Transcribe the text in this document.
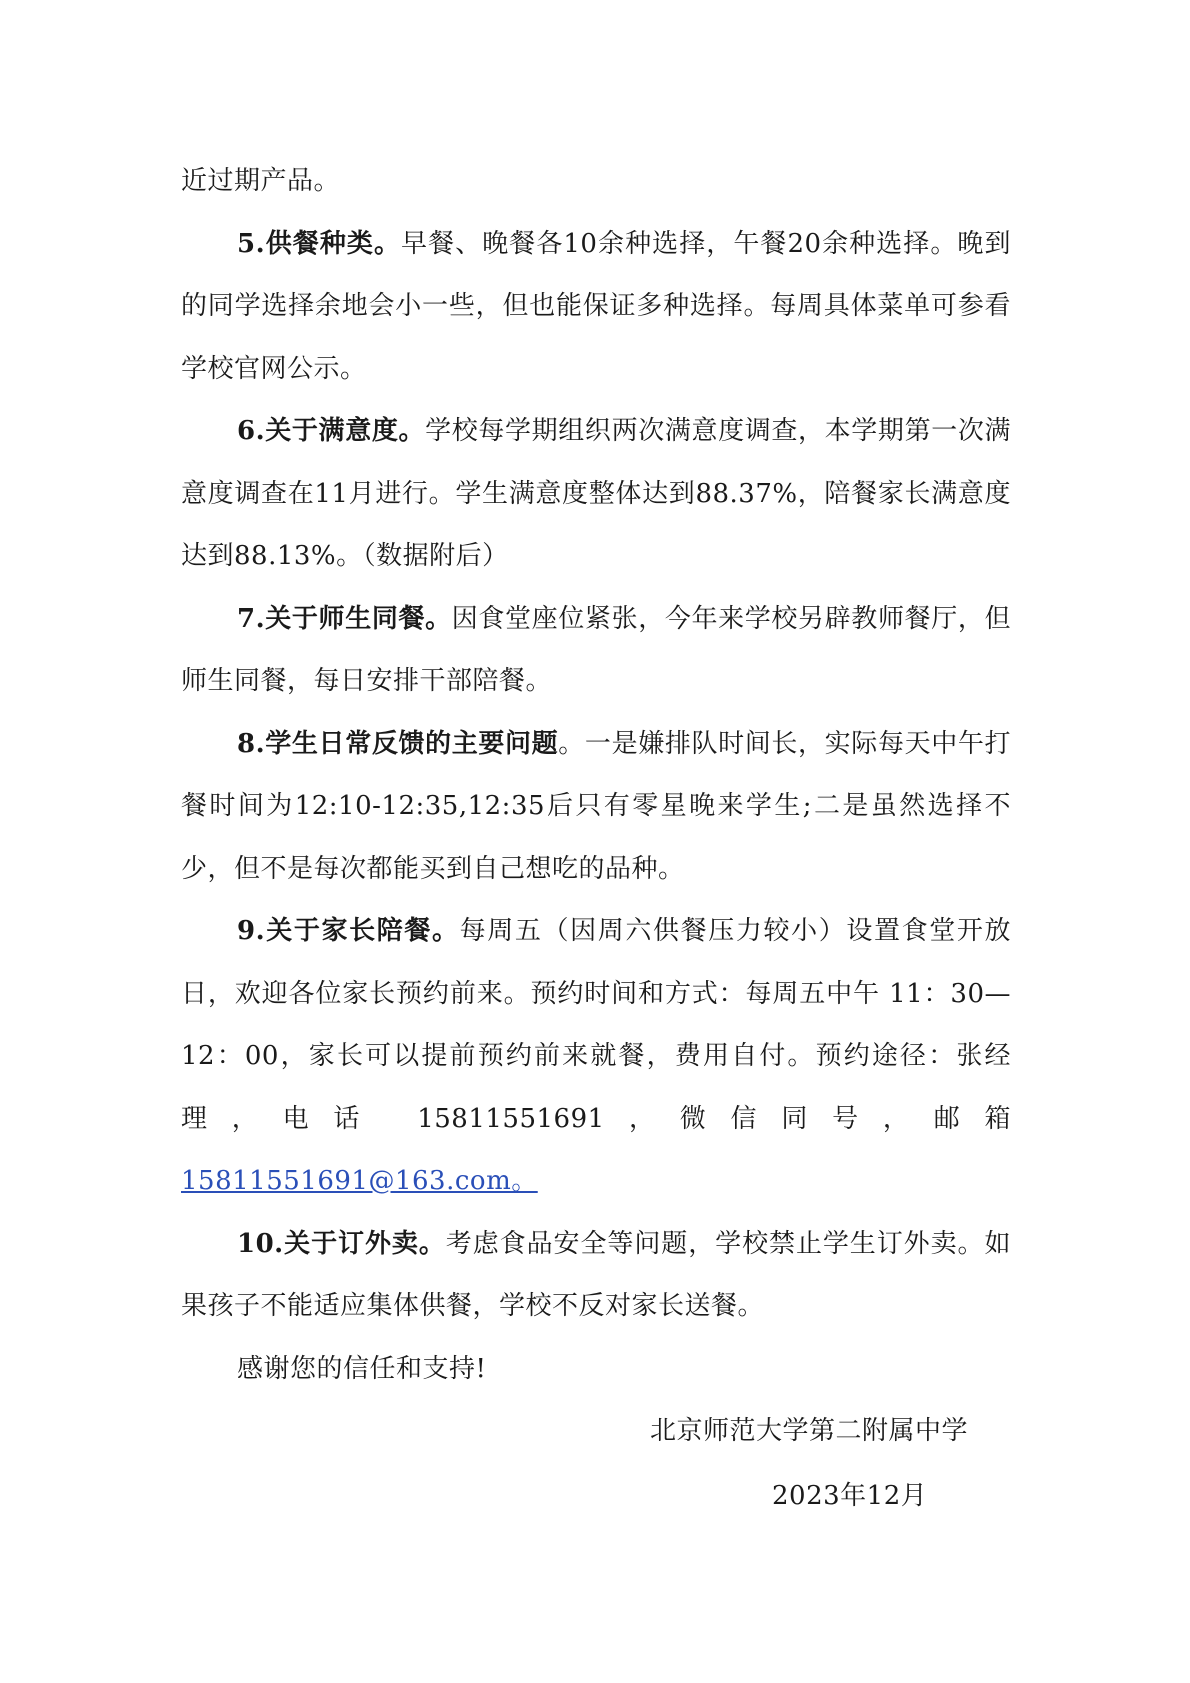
近过期产品。

5.供餐种类。早餐、晚餐各10余种选择，午餐20余种选择。晚到的同学选择余地会小一些，但也能保证多种选择。每周具体菜单可参看学校官网公示。

6.关于满意度。学校每学期组织两次满意度调查，本学期第一次满意度调查在11月进行。学生满意度整体达到88.37%，陪餐家长满意度达到88.13%。（数据附后）

7.关于师生同餐。因食堂座位紧张，今年来学校另辟教师餐厅，但师生同餐，每日安排干部陪餐。

8.学生日常反馈的主要问题。一是嫌排队时间长，实际每天中午打餐时间为12:10-12:35,12:35后只有零星晚来学生;二是虽然选择不少，但不是每次都能买到自己想吃的品种。

9.关于家长陪餐。每周五（因周六供餐压力较小）设置食堂开放日，欢迎各位家长预约前来。预约时间和方式：每周五中午 11：30—12：00，家长可以提前预约前来就餐，费用自付。预约途径：张经理，电话 15811551691，微信同号，邮箱 15811551691@163.com。

10.关于订外卖。考虑食品安全等问题，学校禁止学生订外卖。如果孩子不能适应集体供餐，学校不反对家长送餐。

感谢您的信任和支持!

北京师范大学第二附属中学
2023年12月
